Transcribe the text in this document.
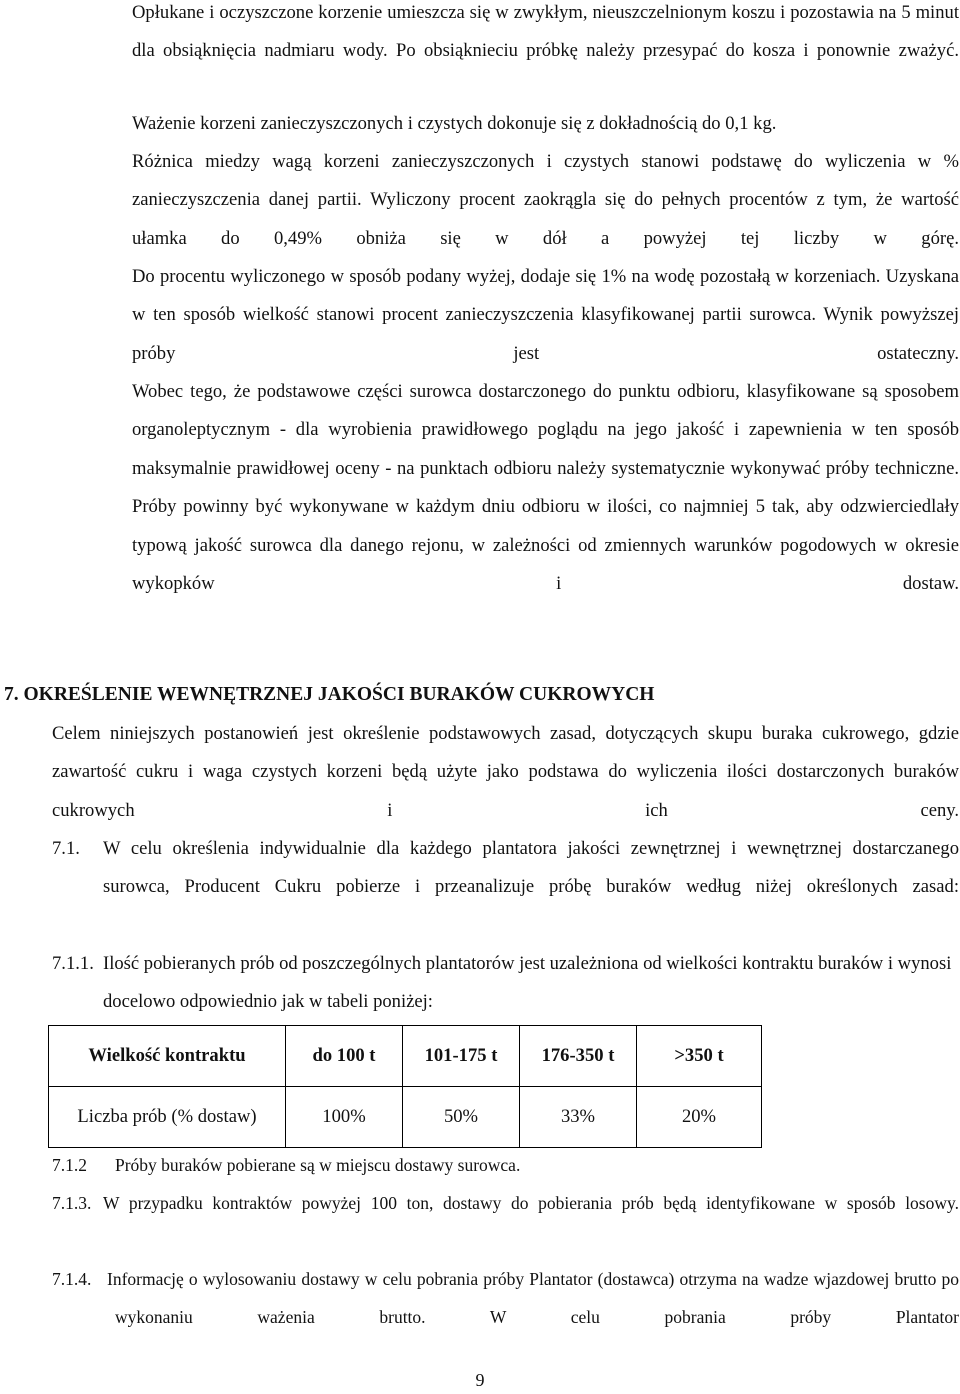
Opłukane i oczyszczone korzenie umieszcza się w zwykłym, nieuszczelnionym koszu i pozostawia na 5 minut dla obsiąknięcia nadmiaru wody. Po obsiąknieciu próbkę należy przesypać do kosza i ponownie zważyć.
Ważenie korzeni zanieczyszczonych i czystych dokonuje się z dokładnością do 0,1 kg.
Różnica miedzy wagą korzeni zanieczyszczonych i czystych stanowi podstawę do wyliczenia w % zanieczyszczenia danej partii. Wyliczony procent zaokrągla się do pełnych procentów z tym, że wartość ułamka do 0,49% obniża się w dół a powyżej tej liczby w górę.
Do procentu wyliczonego w sposób podany wyżej, dodaje się 1% na wodę pozostałą w korzeniach. Uzyskana w ten sposób wielkość stanowi procent zanieczyszczenia klasyfikowanej partii surowca. Wynik powyższej próby jest ostateczny.
Wobec tego, że podstawowe części surowca dostarczonego do punktu odbioru, klasyfikowane są sposobem organoleptycznym - dla wyrobienia prawidłowego poglądu na jego jakość i zapewnienia w ten sposób maksymalnie prawidłowej oceny - na punktach odbioru należy systematycznie wykonywać próby techniczne. Próby powinny być wykonywane w każdym dniu odbioru w ilości, co najmniej 5 tak, aby odzwierciedlały typową jakość surowca dla danego rejonu, w zależności od zmiennych warunków pogodowych w okresie wykopków i dostaw.
7. OKREŚLENIE WEWNĘTRZNEJ JAKOŚCI BURAKÓW CUKROWYCH
Celem niniejszych postanowień jest określenie podstawowych zasad, dotyczących skupu buraka cukrowego, gdzie zawartość cukru i waga czystych korzeni będą użyte jako podstawa do wyliczenia ilości dostarczonych buraków cukrowych i ich ceny.
7.1. W celu określenia indywidualnie dla każdego plantatora jakości zewnętrznej i wewnętrznej dostarczanego surowca, Producent Cukru pobierze i przeanalizuje próbę buraków według niżej określonych zasad:
7.1.1. Ilość pobieranych prób od poszczególnych plantatorów jest uzależniona od wielkości kontraktu buraków i wynosi docelowo odpowiednio jak w tabeli poniżej:
Wielkość kontraktu	do 100 t	101-175 t	176-350 t	>350 t
Liczba prób (% dostaw)	100%	50%	33%	20%
7.1.2 Próby buraków pobierane są w miejscu dostawy surowca.
7.1.3. W przypadku kontraktów powyżej 100 ton, dostawy do pobierania prób będą identyfikowane w sposób losowy.
7.1.4. Informację o wylosowaniu dostawy w celu pobrania próby Plantator (dostawca) otrzyma na wadze wjazdowej brutto po wykonaniu ważenia brutto. W celu pobrania próby Plantator
9
